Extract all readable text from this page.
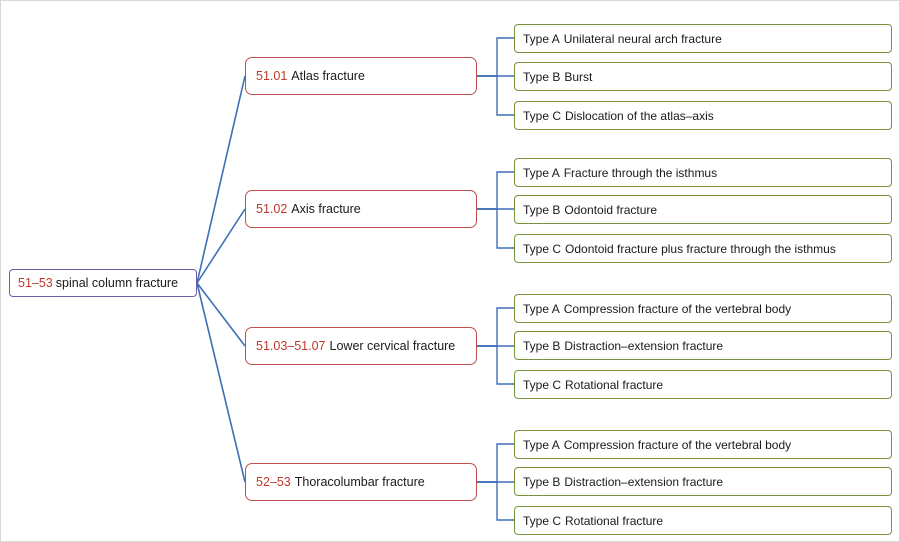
51–53 spinal column fracture
51.01 Atlas fracture
Type A Unilateral neural arch fracture
Type B Burst
Type C Dislocation of the atlas–axis
51.02 Axis fracture
Type A Fracture through the isthmus
Type B Odontoid fracture
Type C Odontoid fracture plus fracture through the isthmus
51.03–51.07 Lower cervical fracture
Type A Compression fracture of the vertebral body
Type B Distraction–extension fracture
Type C Rotational fracture
52–53 Thoracolumbar fracture
Type A Compression fracture of the vertebral body
Type B Distraction–extension fracture
Type C Rotational fracture
